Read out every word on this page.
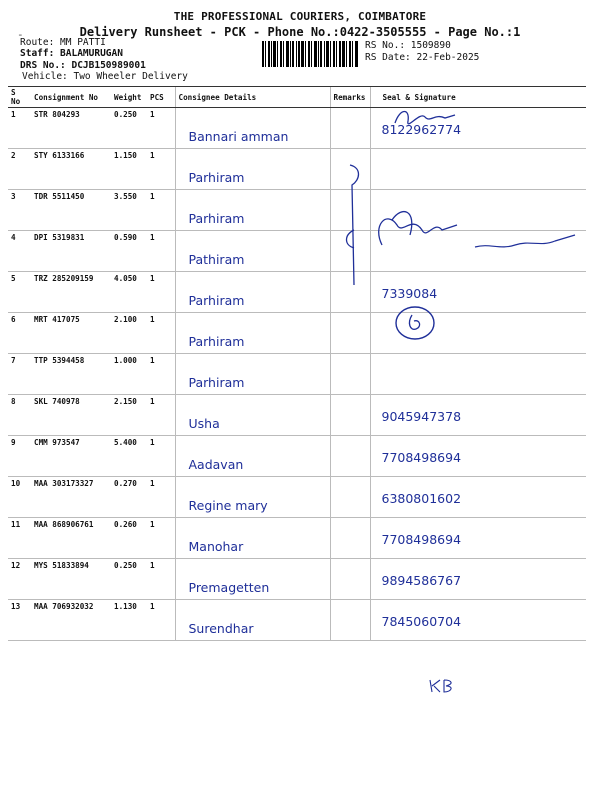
THE PROFESSIONAL COURIERS, COIMBATORE
Delivery Runsheet - PCK - Phone No.:0422-3505555 - Page No.:1
-
Route: MM PATTI
Staff: BALAMURUGAN
DRS No.: DCJB150989001
Vehicle: Two Wheeler Delivery
RS No.: 1509890
RS Date: 22-Feb-2025
S No	Consignment No	Weight	PCS	Consignee Details	Remarks	Seal & Signature
1	STR 804293	0.250	1	Bannari amman		8122962774

2	STY 6133166	1.150	1	Parhiram		

3	TDR 5511450	3.550	1	Parhiram		

4	DPI 5319831	0.590	1	Pathiram		

5	TRZ 285209159	4.050	1	Parhiram		7339084

6	MRT 417075	2.100	1	Parhiram		

7	TTP 5394458	1.000	1	Parhiram		

8	SKL 740978	2.150	1	Usha		9045947378

9	CMM 973547	5.400	1	Aadavan		7708498694

10	MAA 303173327	0.270	1	Regine mary		6380801602

11	MAA 868906761	0.260	1	Manohar		7708498694

12	MYS 51833894	0.250	1	Premagetten		9894586767

13	MAA 706932032	1.130	1	Surendhar		7845060704
